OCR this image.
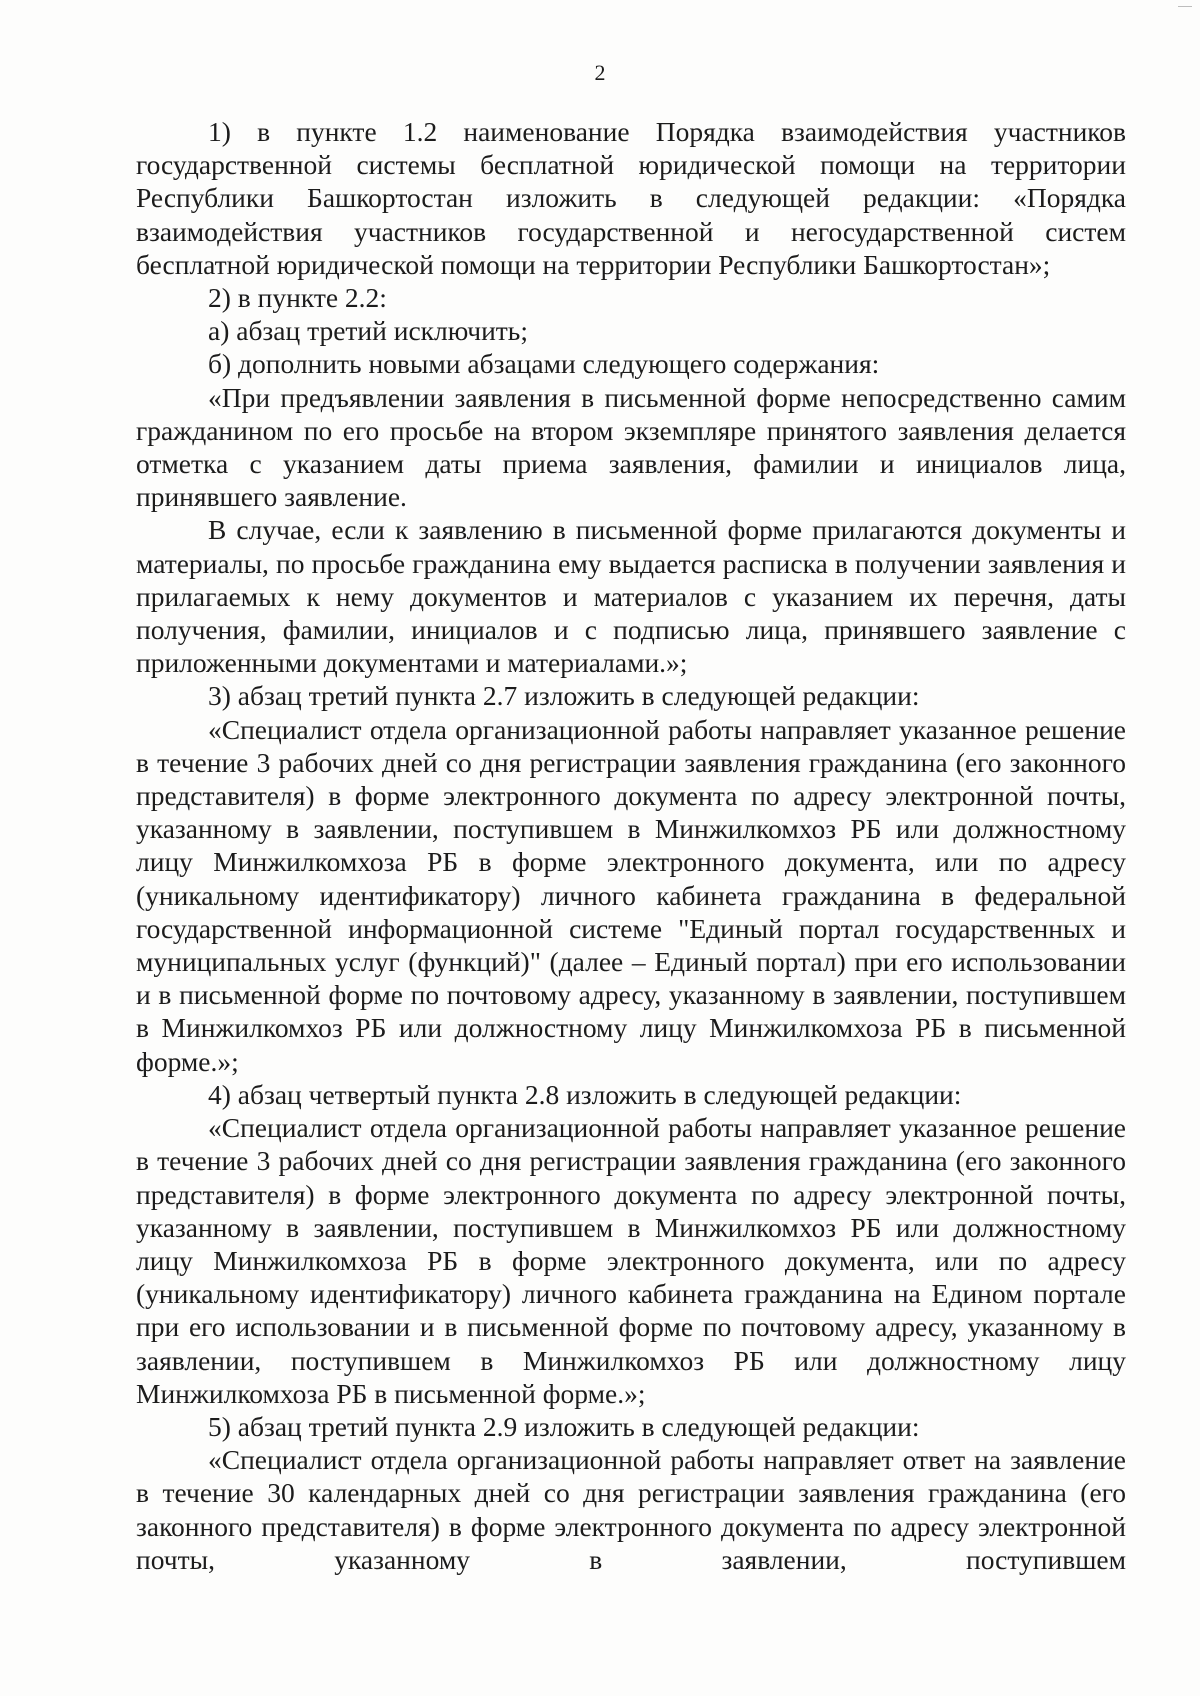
2

1) в пункте 1.2 наименование Порядка взаимодействия участников государственной системы бесплатной юридической помощи на территории Республики Башкортостан изложить в следующей редакции: «Порядка взаимодействия участников государственной и негосударственной систем бесплатной юридической помощи на территории Республики Башкортостан»;

2) в пункте 2.2:

а) абзац третий исключить;

б) дополнить новыми абзацами следующего содержания:

«При предъявлении заявления в письменной форме непосредственно самим гражданином по его просьбе на втором экземпляре принятого заявления делается отметка с указанием даты приема заявления, фамилии и инициалов лица, принявшего заявление.

В случае, если к заявлению в письменной форме прилагаются документы и материалы, по просьбе гражданина ему выдается расписка в получении заявления и прилагаемых к нему документов и материалов с указанием их перечня, даты получения, фамилии, инициалов и с подписью лица, принявшего заявление с приложенными документами и материалами.»;

3) абзац третий пункта 2.7 изложить в следующей редакции:

«Специалист отдела организационной работы направляет указанное решение в течение 3 рабочих дней со дня регистрации заявления гражданина (его законного представителя) в форме электронного документа по адресу электронной почты, указанному в заявлении, поступившем в Минжилкомхоз РБ или должностному лицу Минжилкомхоза РБ в форме электронного документа, или по адресу (уникальному идентификатору) личного кабинета гражданина в федеральной государственной информационной системе "Единый портал государственных и муниципальных услуг (функций)" (далее – Единый портал) при его использовании и в письменной форме по почтовому адресу, указанному в заявлении, поступившем в Минжилкомхоз РБ или должностному лицу Минжилкомхоза РБ в письменной форме.»;

4) абзац четвертый пункта 2.8 изложить в следующей редакции:

«Специалист отдела организационной работы направляет указанное решение в течение 3 рабочих дней со дня регистрации заявления гражданина (его законного представителя) в форме электронного документа по адресу электронной почты, указанному в заявлении, поступившем в Минжилкомхоз РБ или должностному лицу Минжилкомхоза РБ в форме электронного документа, или по адресу (уникальному идентификатору) личного кабинета гражданина на Едином портале при его использовании и в письменной форме по почтовому адресу, указанному в заявлении, поступившем в Минжилкомхоз РБ или должностному лицу Минжилкомхоза РБ в письменной форме.»;

5) абзац третий пункта 2.9 изложить в следующей редакции:

«Специалист отдела организационной работы направляет ответ на заявление в течение 30 календарных дней со дня регистрации заявления гражданина (его законного представителя) в форме электронного документа по адресу электронной почты, указанному в заявлении, поступившем
